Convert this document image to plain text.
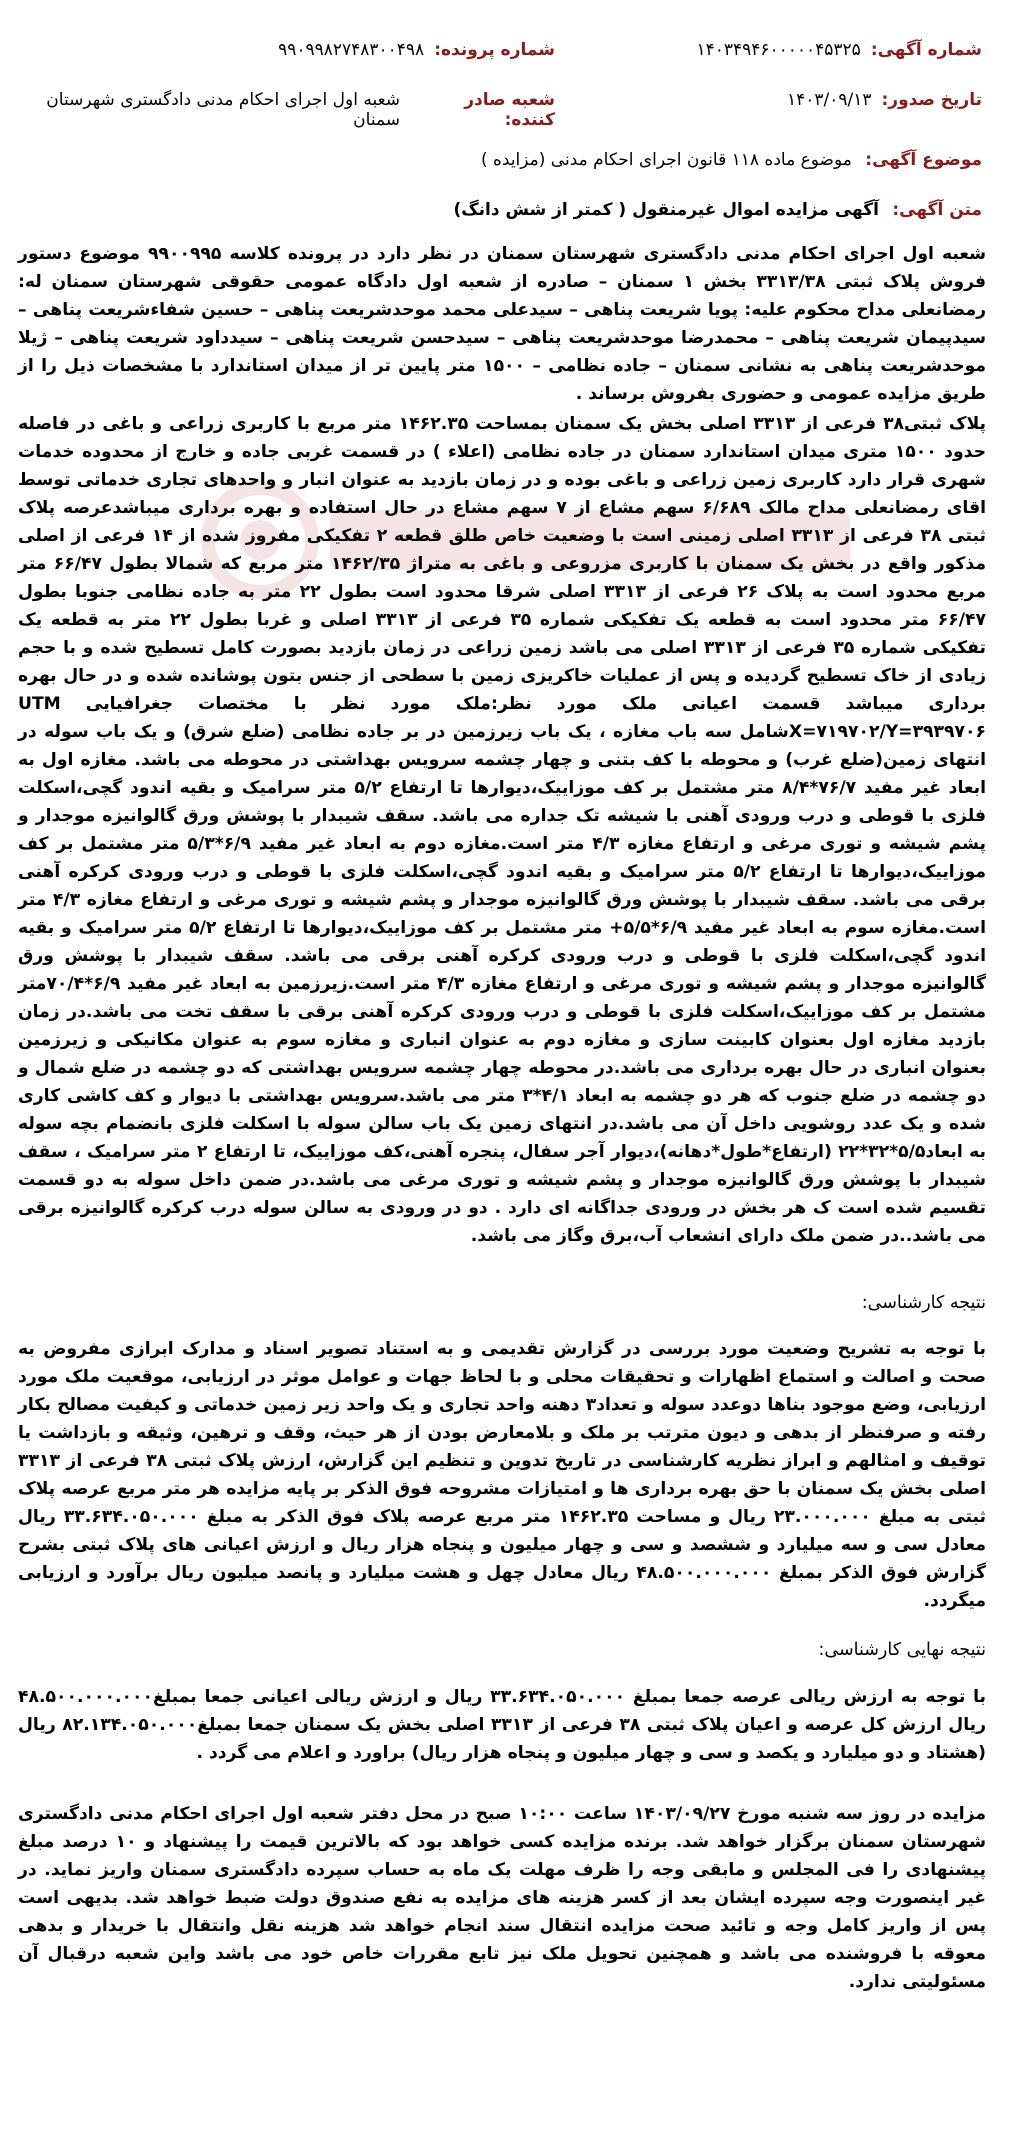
شماره آگهی:
۱۴۰۳۴۹۴۶۰۰۰۰۰۴۵۳۲۵
شماره پرونده:
۹۹۰۹۹۸۲۷۴۸۳۰۰۴۹۸
تاریخ صدور:
۱۴۰۳/۰۹/۱۳
شعبه صادر کننده:
شعبه اول اجرای احکام مدنی دادگستری شهرستان سمنان
موضوع آگهی: موضوع ماده ۱۱۸ قانون اجرای احکام مدنی (مزایده )
متن آگهی: آگهی مزایده اموال غیرمنقول ( کمتر از شش دانگ)
شعبه اول اجرای احکام مدنی دادگستری شهرستان سمنان در نظر دارد در پرونده کلاسه ۹۹۰۰۹۹۵ موضوع دستور فروش پلاک ثبتی ۳۳۱۳/۳۸ بخش ۱ سمنان – صادره از شعبه اول دادگاه عمومی حقوقی شهرستان سمنان له: رمضانعلی مداح محکوم علیه: پویا شریعت پناهی – سیدعلی محمد موحدشریعت پناهی – حسین شفاءشریعت پناهی – سیدپیمان شریعت پناهی – محمدرضا موحدشریعت پناهی – سیدحسن شریعت پناهی – سیدداود شریعت پناهی – ژیلا موحدشریعت پناهی به نشانی سمنان – جاده نظامی – ۱۵۰۰ متر پایین تر از میدان استاندارد با مشخصات ذیل را از طریق مزایده عمومی و حضوری بفروش برساند .
پلاک ثبتی۳۸ فرعی از ۳۳۱۳ اصلی بخش یک سمنان بمساحت ۱۴۶۲.۳۵ متر مربع با کاربری زراعی و باغی در فاصله حدود ۱۵۰۰ متری میدان استاندارد سمنان در جاده نظامی (اعلاء ) در قسمت غربی جاده و خارج از محدوده خدمات شهری قرار دارد کاربری زمین زراعی و باغی بوده و در زمان بازدید به عنوان انبار و واحدهای تجاری خدماتی توسط اقای رمضانعلی مداح مالک ۶/۶۸۹ سهم مشاع از ۷ سهم مشاع در حال استفاده و بهره برداری میباشدعرصه پلاک ثبتی ۳۸ فرعی از ۳۳۱۳ اصلی زمینی است با وضعیت خاص طلق قطعه ۲ تفکیکی مفروز شده از ۱۴ فرعی از اصلی مذکور واقع در بخش یک سمنان با کاربری مزروعی و باغی به متراژ ۱۴۶۲/۳۵ متر مربع که شمالا بطول ۶۶/۴۷ متر مربع محدود است به پلاک ۲۶ فرعی از ۳۳۱۳ اصلی شرقا محدود است بطول ۲۲ متر به جاده نظامی جنوبا بطول ۶۶/۴۷ متر محدود است به قطعه یک تفکیکی شماره ۳۵ فرعی از ۳۳۱۳ اصلی و غربا بطول ۲۲ متر به قطعه یک تفکیکی شماره ۳۵ فرعی از ۳۳۱۳ اصلی می باشد زمین زراعی در زمان بازدید بصورت کامل تسطیح شده و با حجم زیادی از خاک تسطیح گردیده و پس از عملیات خاکریزی زمین با سطحی از جنس بتون پوشانده شده و در حال بهره برداری میباشد قسمت اعیانی ملک مورد نظر:ملک مورد نظر با مختصات جغرافیایی UTM X=۷۱۹۷۰۲/Y=۳۹۳۹۷۰۶شامل سه باب مغازه ، یک باب زیرزمین در بر جاده نظامی (ضلع شرق) و یک باب سوله در انتهای زمین(ضلع غرب) و محوطه با کف بتنی و چهار چشمه سرویس بهداشتی در محوطه می باشد. مغازه اول به ابعاد غیر مفید ۷۶/۷*۸/۴ متر مشتمل بر کف موزاییک،دیوارها تا ارتفاع ۵/۲ متر سرامیک و بقیه اندود گچی،اسکلت فلزی با قوطی و درب ورودی آهنی با شیشه تک جداره می باشد. سقف شیبدار با پوشش ورق گالوانیزه موجدار و پشم شیشه و توری مرغی و ارتفاع مغازه ۴/۳ متر است.مغازه دوم به ابعاد غیر مفید ۶/۹*۵/۳ متر مشتمل بر کف موزاییک،دیوارها تا ارتفاع ۵/۲ متر سرامیک و بقیه اندود گچی،اسکلت فلزی با قوطی و درب ورودی کرکره آهنی برقی می باشد. سقف شیبدار با پوشش ورق گالوانیزه موجدار و پشم شیشه و توری مرغی و ارتفاع مغازه ۴/۳ متر است.مغازه سوم به ابعاد غیر مفید ۶/۹*۵/۵+ متر مشتمل بر کف موزاییک،دیوارها تا ارتفاع ۵/۲ متر سرامیک و بقیه اندود گچی،اسکلت فلزی با قوطی و درب ورودی کرکره آهنی برقی می باشد. سقف شیبدار با پوشش ورق گالوانیزه موجدار و پشم شیشه و توری مرغی و ارتفاع مغازه ۴/۳ متر است.زیرزمین به ابعاد غیر مفید ۶/۹*۷۰/۴متر مشتمل بر کف موزاییک،اسکلت فلزی با قوطی و درب ورودی کرکره آهنی برقی با سقف تخت می باشد.در زمان بازدید مغازه اول بعنوان کابینت سازی و مغازه دوم به عنوان انباری و مغازه سوم به عنوان مکانیکی و زیرزمین بعنوان انباری در حال بهره برداری می باشد.در محوطه چهار چشمه سرویس بهداشتی که دو چشمه در ضلع شمال و دو چشمه در ضلع جنوب که هر دو چشمه به ابعاد ۴/۱*۳ متر می باشد.سرویس بهداشتی با دیوار و کف کاشی کاری شده و یک عدد روشویی داخل آن می باشد.در انتهای زمین یک باب سالن سوله با اسکلت فلزی بانضمام بچه سوله به ابعاد۵/۵*۳۲*۲۲ (ارتفاع*طول*دهانه)،دیوار آجر سفال، پنجره آهنی،کف موزاییک، تا ارتفاع ۲ متر سرامیک ، سقف شیبدار با پوشش ورق گالوانیزه موجدار و پشم شیشه و توری مرغی می باشد.در ضمن داخل سوله به دو قسمت تقسیم شده است ک هر بخش در ورودی جداگانه ای دارد . دو در ورودی به سالن سوله درب کرکره گالوانیزه برقی می باشد..در ضمن ملک دارای انشعاب آب،برق وگاز می باشد.
نتیجه کارشناسی:
با توجه به تشریح وضعیت مورد بررسی در گزارش تقدیمی و به استناد تصویر اسناد و مدارک ابرازی مفروض به صحت و اصالت و استماع اظهارات و تحقیقات محلی و با لحاظ جهات و عوامل موثر در ارزیابی، موقعیت ملک مورد ارزیابی، وضع موجود بناها دوعدد سوله و تعداد۳ دهنه واحد تجاری و یک واحد زیر زمین خدماتی و کیفیت مصالح بکار رفته و صرفنظر از بدهی و دیون مترتب بر ملک و بلامعارض بودن از هر حیث، وقف و ترهین، وثیقه و بازداشت یا توقیف و امثالهم و ابراز نظریه کارشناسی در تاریخ تدوین و تنظیم این گزارش، ارزش پلاک ثبتی ۳۸ فرعی از ۳۳۱۳ اصلی بخش یک سمنان با حق بهره برداری ها و امتیازات مشروحه فوق الذکر بر پایه مزایده هر متر مربع عرصه پلاک ثبتی به مبلغ ۲۳.۰۰۰.۰۰۰ ریال و مساحت ۱۴۶۲.۳۵ متر مربع عرصه پلاک فوق الذکر به مبلغ ۳۳.۶۳۴.۰۵۰.۰۰۰ ریال معادل سی و سه میلیارد و ششصد و سی و چهار میلیون و پنجاه هزار ریال و ارزش اعیانی های پلاک ثبتی بشرح گزارش فوق الذکر بمبلغ ۴۸.۵۰۰.۰۰۰.۰۰۰ ریال معادل چهل و هشت میلیارد و پانصد میلیون ریال برآورد و ارزیابی میگردد.
نتیجه نهایی کارشناسی:
با توجه به ارزش ریالی عرصه جمعا بمبلغ ۳۳.۶۳۴.۰۵۰.۰۰۰ ریال و ارزش ریالی اعیانی جمعا بمبلغ۴۸.۵۰۰.۰۰۰.۰۰۰ ریال ارزش کل عرصه و اعیان پلاک ثبتی ۳۸ فرعی از ۳۳۱۳ اصلی بخش یک سمنان جمعا بمبلغ۸۲.۱۳۴.۰۵۰.۰۰۰ ریال (هشتاد و دو میلیارد و یکصد و سی و چهار میلیون و پنجاه هزار ریال) براورد و اعلام می گردد .
مزایده در روز سه شنبه مورخ ۱۴۰۳/۰۹/۲۷ ساعت ۱۰:۰۰ صبح در محل دفتر شعبه اول اجرای احکام مدنی دادگستری شهرستان سمنان برگزار خواهد شد. برنده مزایده کسی خواهد بود که بالاترین قیمت را پیشنهاد و ۱۰ درصد مبلغ پیشنهادی را فی المجلس و مابقی وجه را ظرف مهلت یک ماه به حساب سپرده دادگستری سمنان واریز نماید. در غیر اینصورت وجه سپرده ایشان بعد از کسر هزینه های مزایده به نفع صندوق دولت ضبط خواهد شد. بدیهی است پس از واریز کامل وجه و تائید صحت مزایده انتقال سند انجام خواهد شد هزینه نقل وانتقال با خریدار و بدهی معوقه با فروشنده می باشد و همچنین تحویل ملک نیز تابع مقررات خاص خود می باشد واین شعبه درقبال آن مسئولیتی ندارد.
